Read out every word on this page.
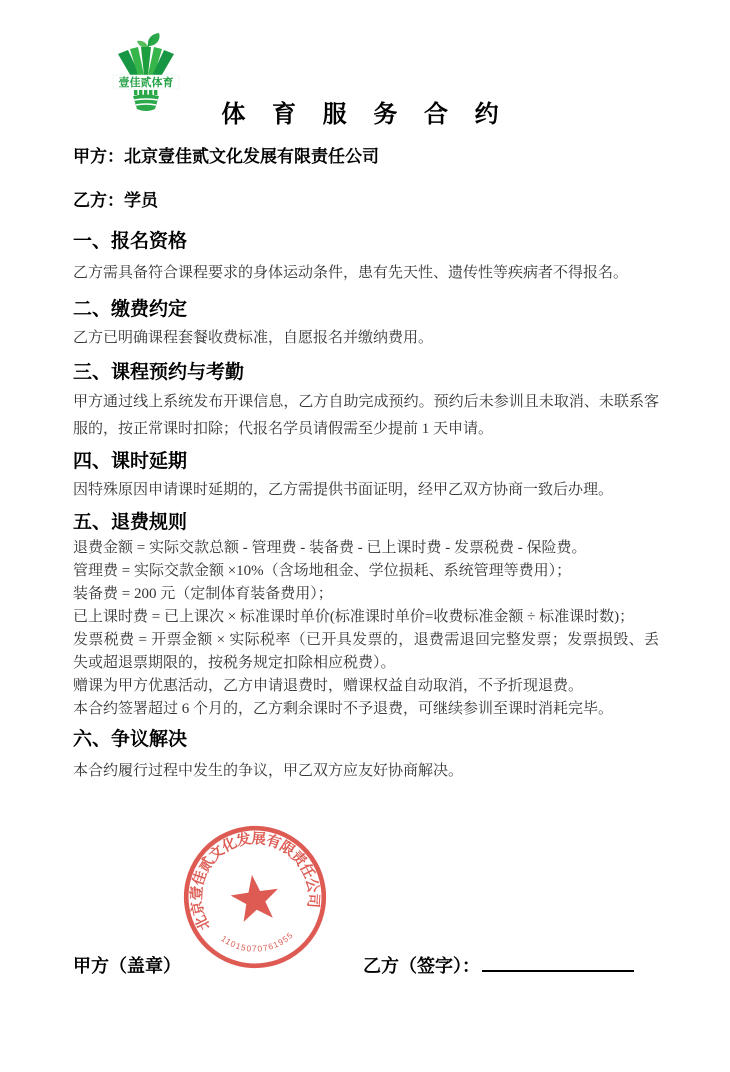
壹佳贰体育
体 育 服 务 合 约
甲方：北京壹佳贰文化发展有限责任公司
乙方：学员
一、报名资格
乙方需具备符合课程要求的身体运动条件，患有先天性、遗传性等疾病者不得报名。
二、缴费约定
乙方已明确课程套餐收费标准，自愿报名并缴纳费用。
三、课程预约与考勤
甲方通过线上系统发布开课信息，乙方自助完成预约。预约后未参训且未取消、未联系客服的，按正常课时扣除；代报名学员请假需至少提前 1 天申请。
四、课时延期
因特殊原因申请课时延期的，乙方需提供书面证明，经甲乙双方协商一致后办理。
五、退费规则

退费金额 = 实际交款总额 - 管理费 - 装备费 - 已上课时费 - 发票税费 - 保险费。

管理费 = 实际交款金额 ×10%（含场地租金、学位损耗、系统管理等费用）；

装备费 = 200 元（定制体育装备费用）；

已上课时费 = 已上课次 × 标准课时单价(标准课时单价=收费标准金额 ÷ 标准课时数)；

发票税费 = 开票金额 × 实际税率（已开具发票的，退费需退回完整发票；发票损毁、丢失或超退票期限的，按税务规定扣除相应税费）。

赠课为甲方优惠活动，乙方申请退费时，赠课权益自动取消，不予折现退费。

本合约签署超过 6 个月的，乙方剩余课时不予退费，可继续参训至课时消耗完毕。

六、争议解决
本合约履行过程中发生的争议，甲乙双方应友好协商解决。
北京壹佳贰文化发展有限责任公司
11015070761955
甲方（盖章）	乙方（签字）：
